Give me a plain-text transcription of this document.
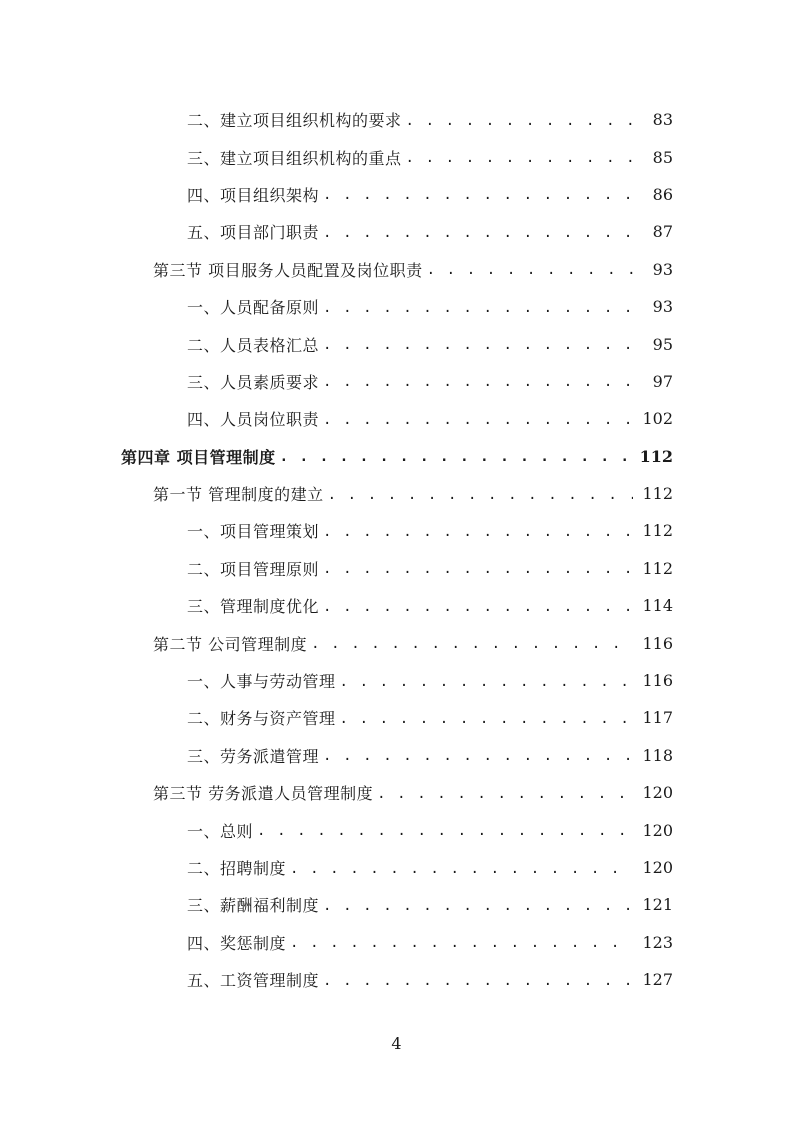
二、建立项目组织机构的要求 . . .	83
三、建立项目组织机构的重点 . . .	85
四、项目组织架构 . . .	86
五、项目部门职责 . . .	87
第三节 项目服务人员配置及岗位职责 . . .	93
一、人员配备原则 . . .	93
二、人员表格汇总 . . .	95
三、人员素质要求 . . .	97
四、人员岗位职责 . . .	102
第四章 项目管理制度 . . .	112
第一节 管理制度的建立 . . .	112
一、项目管理策划 . . .	112
二、项目管理原则 . . .	112
三、管理制度优化 . . .	114
第二节 公司管理制度 . . .	116
一、人事与劳动管理 . . .	116
二、财务与资产管理 . . .	117
三、劳务派遣管理 . . .	118
第三节 劳务派遣人员管理制度 . . .	120
一、总则 . . .	120
二、招聘制度 . . .	120
三、薪酬福利制度 . . .	121
四、奖惩制度 . . .	123
五、工资管理制度 . . .	127
4
